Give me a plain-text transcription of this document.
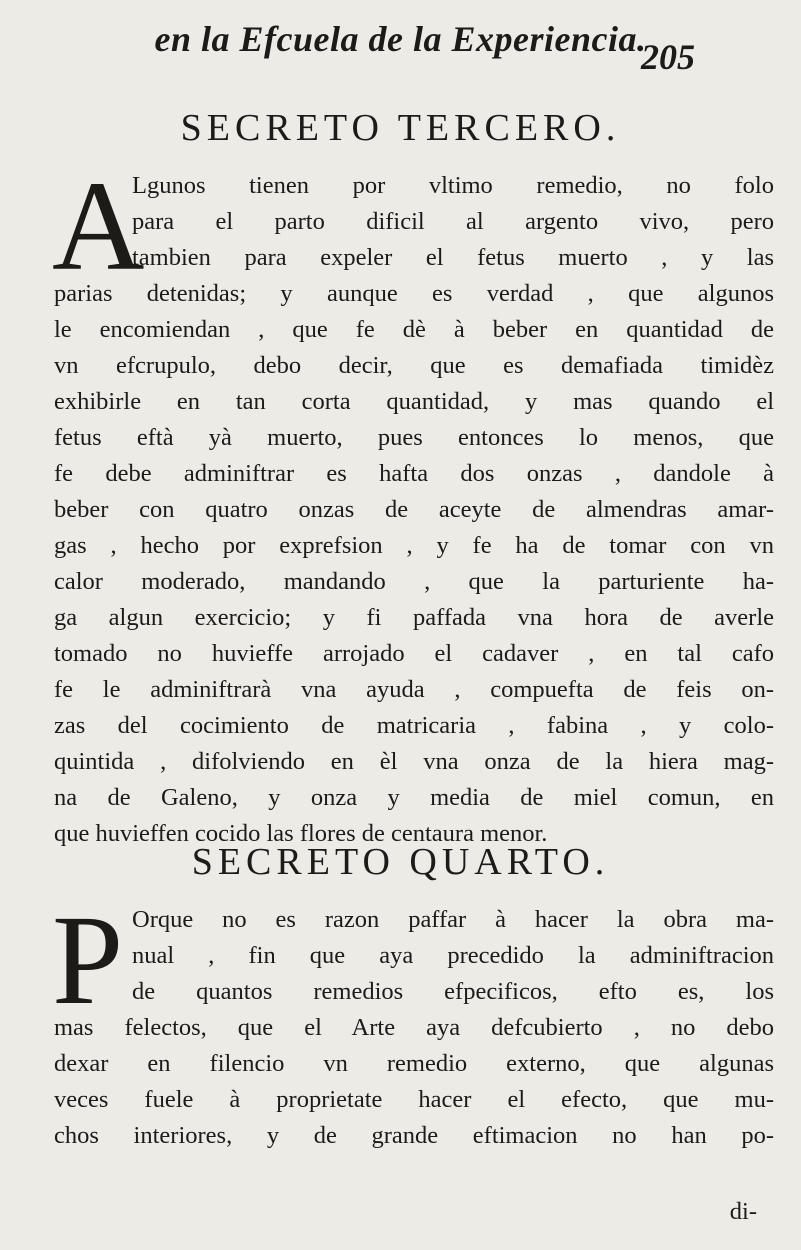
en la Efcuela de la Experiencia.
205
SECRETO TERCERO.
A
Lgunos tienen por vltimo remedio, no folo
para el parto dificil al argento vivo, pero
tambien para expeler el fetus muerto , y las
parias detenidas; y aunque es verdad , que algunos
le encomiendan , que fe dè à beber en quantidad de
vn efcrupulo, debo decir, que es demafiada timidèz
exhibirle en tan corta quantidad, y mas quando el
fetus eftà yà muerto, pues entonces lo menos, que
fe debe adminiftrar es hafta dos onzas , dandole à
beber con quatro onzas de aceyte de almendras amar-
gas , hecho por exprefsion , y fe ha de tomar con vn
calor moderado, mandando , que la parturiente ha-
ga algun exercicio; y fi paffada vna hora de averle
tomado no huvieffe arrojado el cadaver , en tal cafo
fe le adminiftrarà vna ayuda , compuefta de feis on-
zas del cocimiento de matricaria , fabina , y colo-
quintida , difolviendo en èl vna onza de la hiera mag-
na de Galeno, y onza y media de miel comun, en
que huvieffen cocido las flores de centaura menor.
SECRETO QUARTO.
P Orque no es razon paffar à hacer la obra ma-
nual , fin que aya precedido la adminiftracion
de quantos remedios efpecificos, efto es, los
mas felectos, que el Arte aya defcubierto , no debo
dexar en filencio vn remedio externo, que algunas
veces fuele à proprietate hacer el efecto, que mu-
chos interiores, y de grande eftimacion no han po-
di-
